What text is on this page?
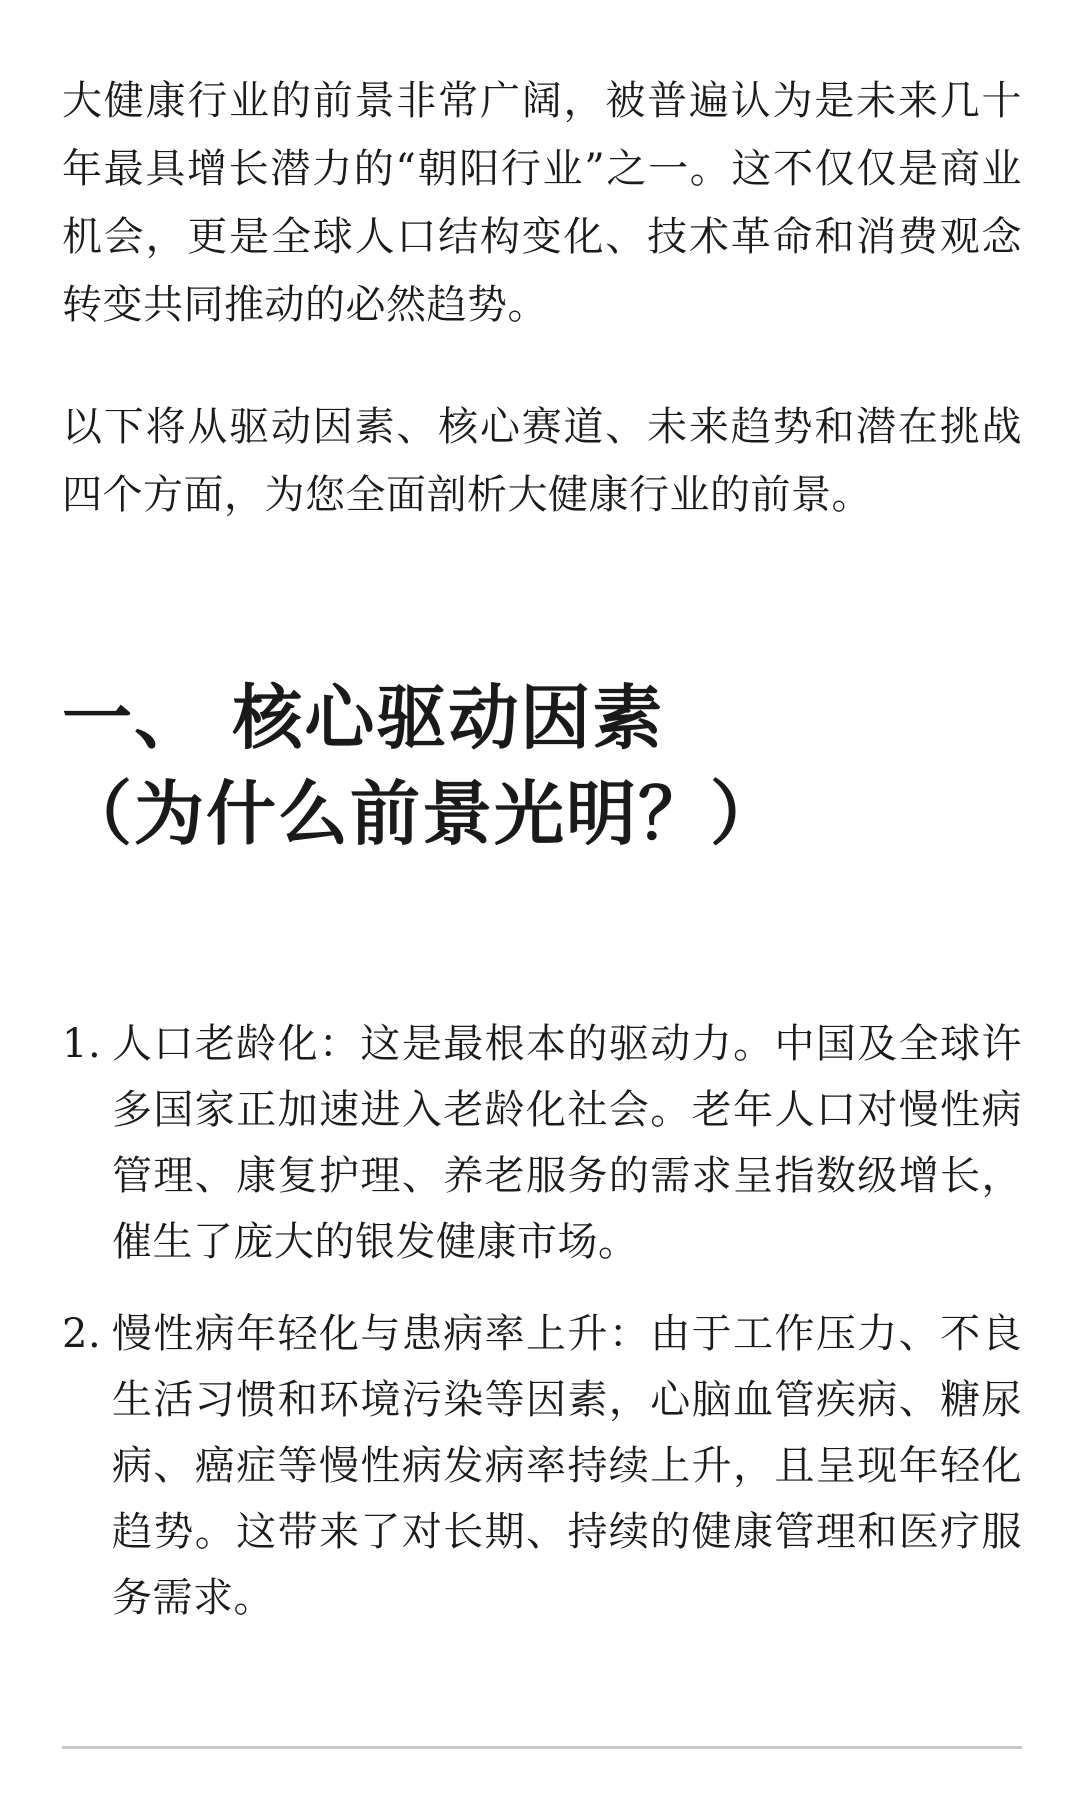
大健康行业的前景非常广阔，被普遍认为是未来几十年最具增长潜力的“朝阳行业”之一。这不仅仅是商业机会，更是全球人口结构变化、技术革命和消费观念转变共同推动的必然趋势。

以下将从驱动因素、核心赛道、未来趋势和潜在挑战四个方面，为您全面剖析大健康行业的前景。

一、 核心驱动因素
（为什么前景光明？）
1. 人口老龄化：这是最根本的驱动力。中国及全球许多国家正加速进入老龄化社会。老年人口对慢性病管理、康复护理、养老服务的需求呈指数级增长，催生了庞大的银发健康市场。
2. 慢性病年轻化与患病率上升：由于工作压力、不良生活习惯和环境污染等因素，心脑血管疾病、糖尿病、癌症等慢性病发病率持续上升，且呈现年轻化趋势。这带来了对长期、持续的健康管理和医疗服务需求。
